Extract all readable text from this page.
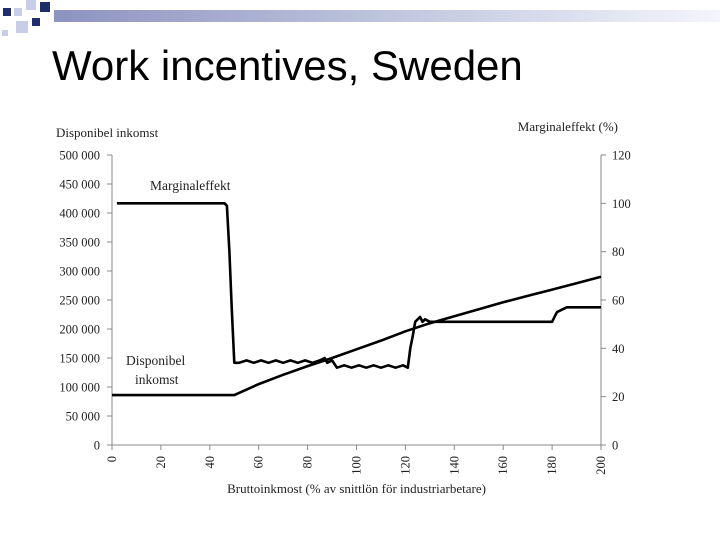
Work incentives, Sweden
0
50 000
100 000
150 000
200 000
250 000
300 000
350 000
400 000
450 000
500 000
0
20
40
60
80
100
120
0	20	40	60	80	100	120	140	160	180	200
Disponibel inkomst	Marginaleffekt (%)
Bruttoinkmost (% av snittlön för industriarbetare)
Marginaleffekt
Disponibel
inkomst
